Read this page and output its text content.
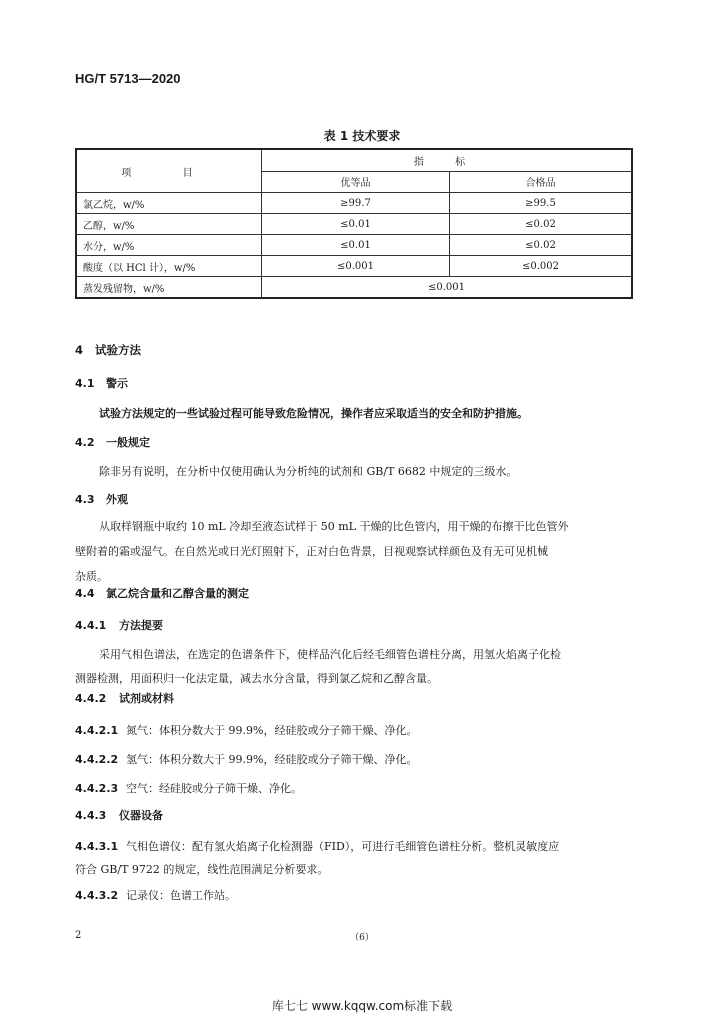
HG/T 5713—2020
表 1 技术要求
项 目	指 标	
	优等品	合格品
氯乙烷，w/%	≥99.7	≥99.5
乙醇，w/%	≤0.01	≤0.02
水分，w/%	≤0.01	≤0.02
酸度（以 HCl 计），w/%	≤0.001	≤0.002
蒸发残留物，w/%	≤0.001	
4 试验方法
4.1 警示
试验方法规定的一些试验过程可能导致危险情况，操作者应采取适当的安全和防护措施。
4.2 一般规定
除非另有说明，在分析中仅使用确认为分析纯的试剂和 GB/T 6682 中规定的三级水。
4.3 外观
从取样钢瓶中取约 10 mL 冷却至液态试样于 50 mL 干燥的比色管内，用干燥的布擦干比色管外
壁附着的霜或湿气。在自然光或日光灯照射下，正对白色背景，目视观察试样颜色及有无可见机械
杂质。
4.4 氯乙烷含量和乙醇含量的测定
4.4.1 方法提要
采用气相色谱法，在选定的色谱条件下，使样品汽化后经毛细管色谱柱分离，用氢火焰离子化检
测器检测，用面积归一化法定量，减去水分含量，得到氯乙烷和乙醇含量。
4.4.2 试剂或材料
4.4.2.1 氮气：体积分数大于 99.9%，经硅胶或分子筛干燥、净化。
4.4.2.2 氢气：体积分数大于 99.9%，经硅胶或分子筛干燥、净化。
4.4.2.3 空气：经硅胶或分子筛干燥、净化。
4.4.3 仪器设备
4.4.3.1 气相色谱仪：配有氢火焰离子化检测器（FID），可进行毛细管色谱柱分析。整机灵敏度应
符合 GB/T 9722 的规定，线性范围满足分析要求。
4.4.3.2 记录仪：色谱工作站。
2	（6）
库七七 www.kqqw.com标准下载
